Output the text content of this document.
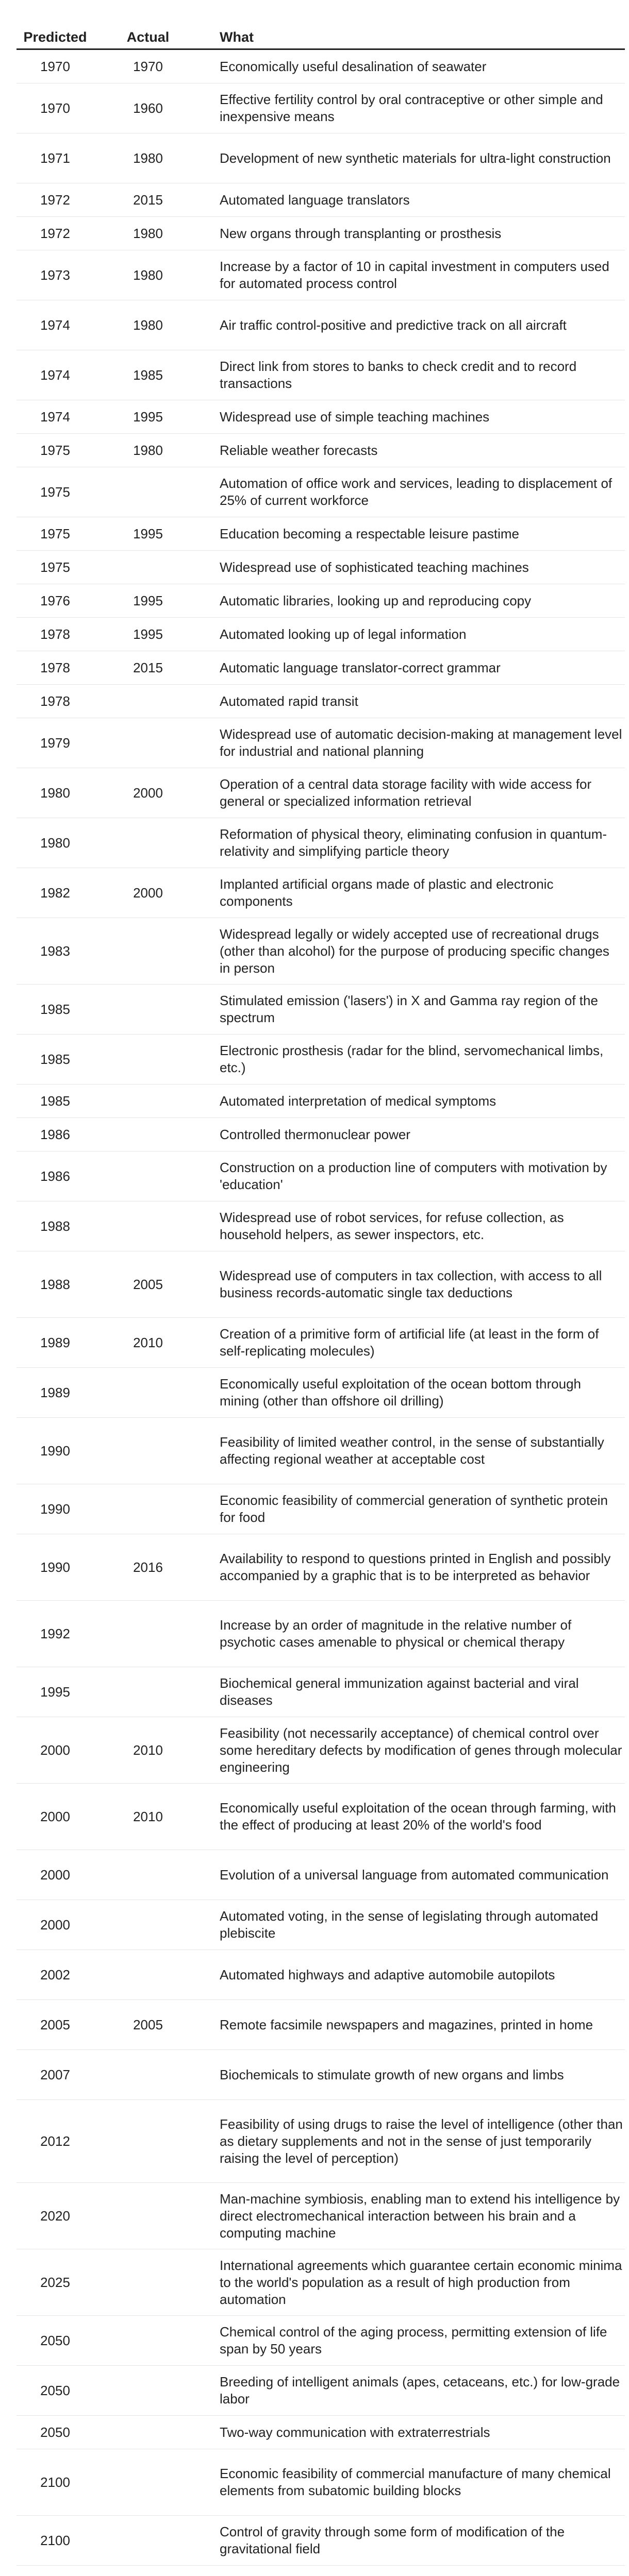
Predicted	Actual	What
1970	1970	Economically useful desalination of seawater
1970	1960	Effective fertility control by oral contraceptive or other simple and inexpensive means
1971	1980	Development of new synthetic materials for ultra-light construction
1972	2015	Automated language translators
1972	1980	New organs through transplanting or prosthesis
1973	1980	Increase by a factor of 10 in capital investment in computers used for automated process control
1974	1980	Air traffic control-positive and predictive track on all aircraft
1974	1985	Direct link from stores to banks to check credit and to record transactions
1974	1995	Widespread use of simple teaching machines
1975	1980	Reliable weather forecasts
1975		Automation of office work and services, leading to displacement of 25% of current workforce
1975	1995	Education becoming a respectable leisure pastime
1975		Widespread use of sophisticated teaching machines
1976	1995	Automatic libraries, looking up and reproducing copy
1978	1995	Automated looking up of legal information
1978	2015	Automatic language translator-correct grammar
1978		Automated rapid transit
1979		Widespread use of automatic decision-making at management level for industrial and national planning
1980	2000	Operation of a central data storage facility with wide access for general or specialized information retrieval
1980		Reformation of physical theory, eliminating confusion in quantum-relativity and simplifying particle theory
1982	2000	Implanted artificial organs made of plastic and electronic components
1983		Widespread legally or widely accepted use of recreational drugs (other than alcohol) for the purpose of producing specific changes in person
1985		Stimulated emission ('lasers') in X and Gamma ray region of the spectrum
1985		Electronic prosthesis (radar for the blind, servomechanical limbs, etc.)
1985		Automated interpretation of medical symptoms
1986		Controlled thermonuclear power
1986		Construction on a production line of computers with motivation by 'education'
1988		Widespread use of robot services, for refuse collection, as household helpers, as sewer inspectors, etc.
1988	2005	Widespread use of computers in tax collection, with access to all business records-automatic single tax deductions
1989	2010	Creation of a primitive form of artificial life (at least in the form of self-replicating molecules)
1989		Economically useful exploitation of the ocean bottom through mining (other than offshore oil drilling)
1990		Feasibility of limited weather control, in the sense of substantially affecting regional weather at acceptable cost
1990		Economic feasibility of commercial generation of synthetic protein for food
1990	2016	Availability to respond to questions printed in English and possibly accompanied by a graphic that is to be interpreted as behavior
1992		Increase by an order of magnitude in the relative number of psychotic cases amenable to physical or chemical therapy
1995		Biochemical general immunization against bacterial and viral diseases
2000	2010	Feasibility (not necessarily acceptance) of chemical control over some hereditary defects by modification of genes through molecular engineering
2000	2010	Economically useful exploitation of the ocean through farming, with the effect of producing at least 20% of the world's food
2000		Evolution of a universal language from automated communication
2000		Automated voting, in the sense of legislating through automated plebiscite
2002		Automated highways and adaptive automobile autopilots
2005	2005	Remote facsimile newspapers and magazines, printed in home
2007		Biochemicals to stimulate growth of new organs and limbs
2012		Feasibility of using drugs to raise the level of intelligence (other than as dietary supplements and not in the sense of just temporarily raising the level of perception)
2020		Man-machine symbiosis, enabling man to extend his intelligence by direct electromechanical interaction between his brain and a computing machine
2025		International agreements which guarantee certain economic minima to the world's population as a result of high production from automation
2050		Chemical control of the aging process, permitting extension of life span by 50 years
2050		Breeding of intelligent animals (apes, cetaceans, etc.) for low-grade labor
2050		Two-way communication with extraterrestrials
2100		Economic feasibility of commercial manufacture of many chemical elements from subatomic building blocks
2100		Control of gravity through some form of modification of the gravitational field
